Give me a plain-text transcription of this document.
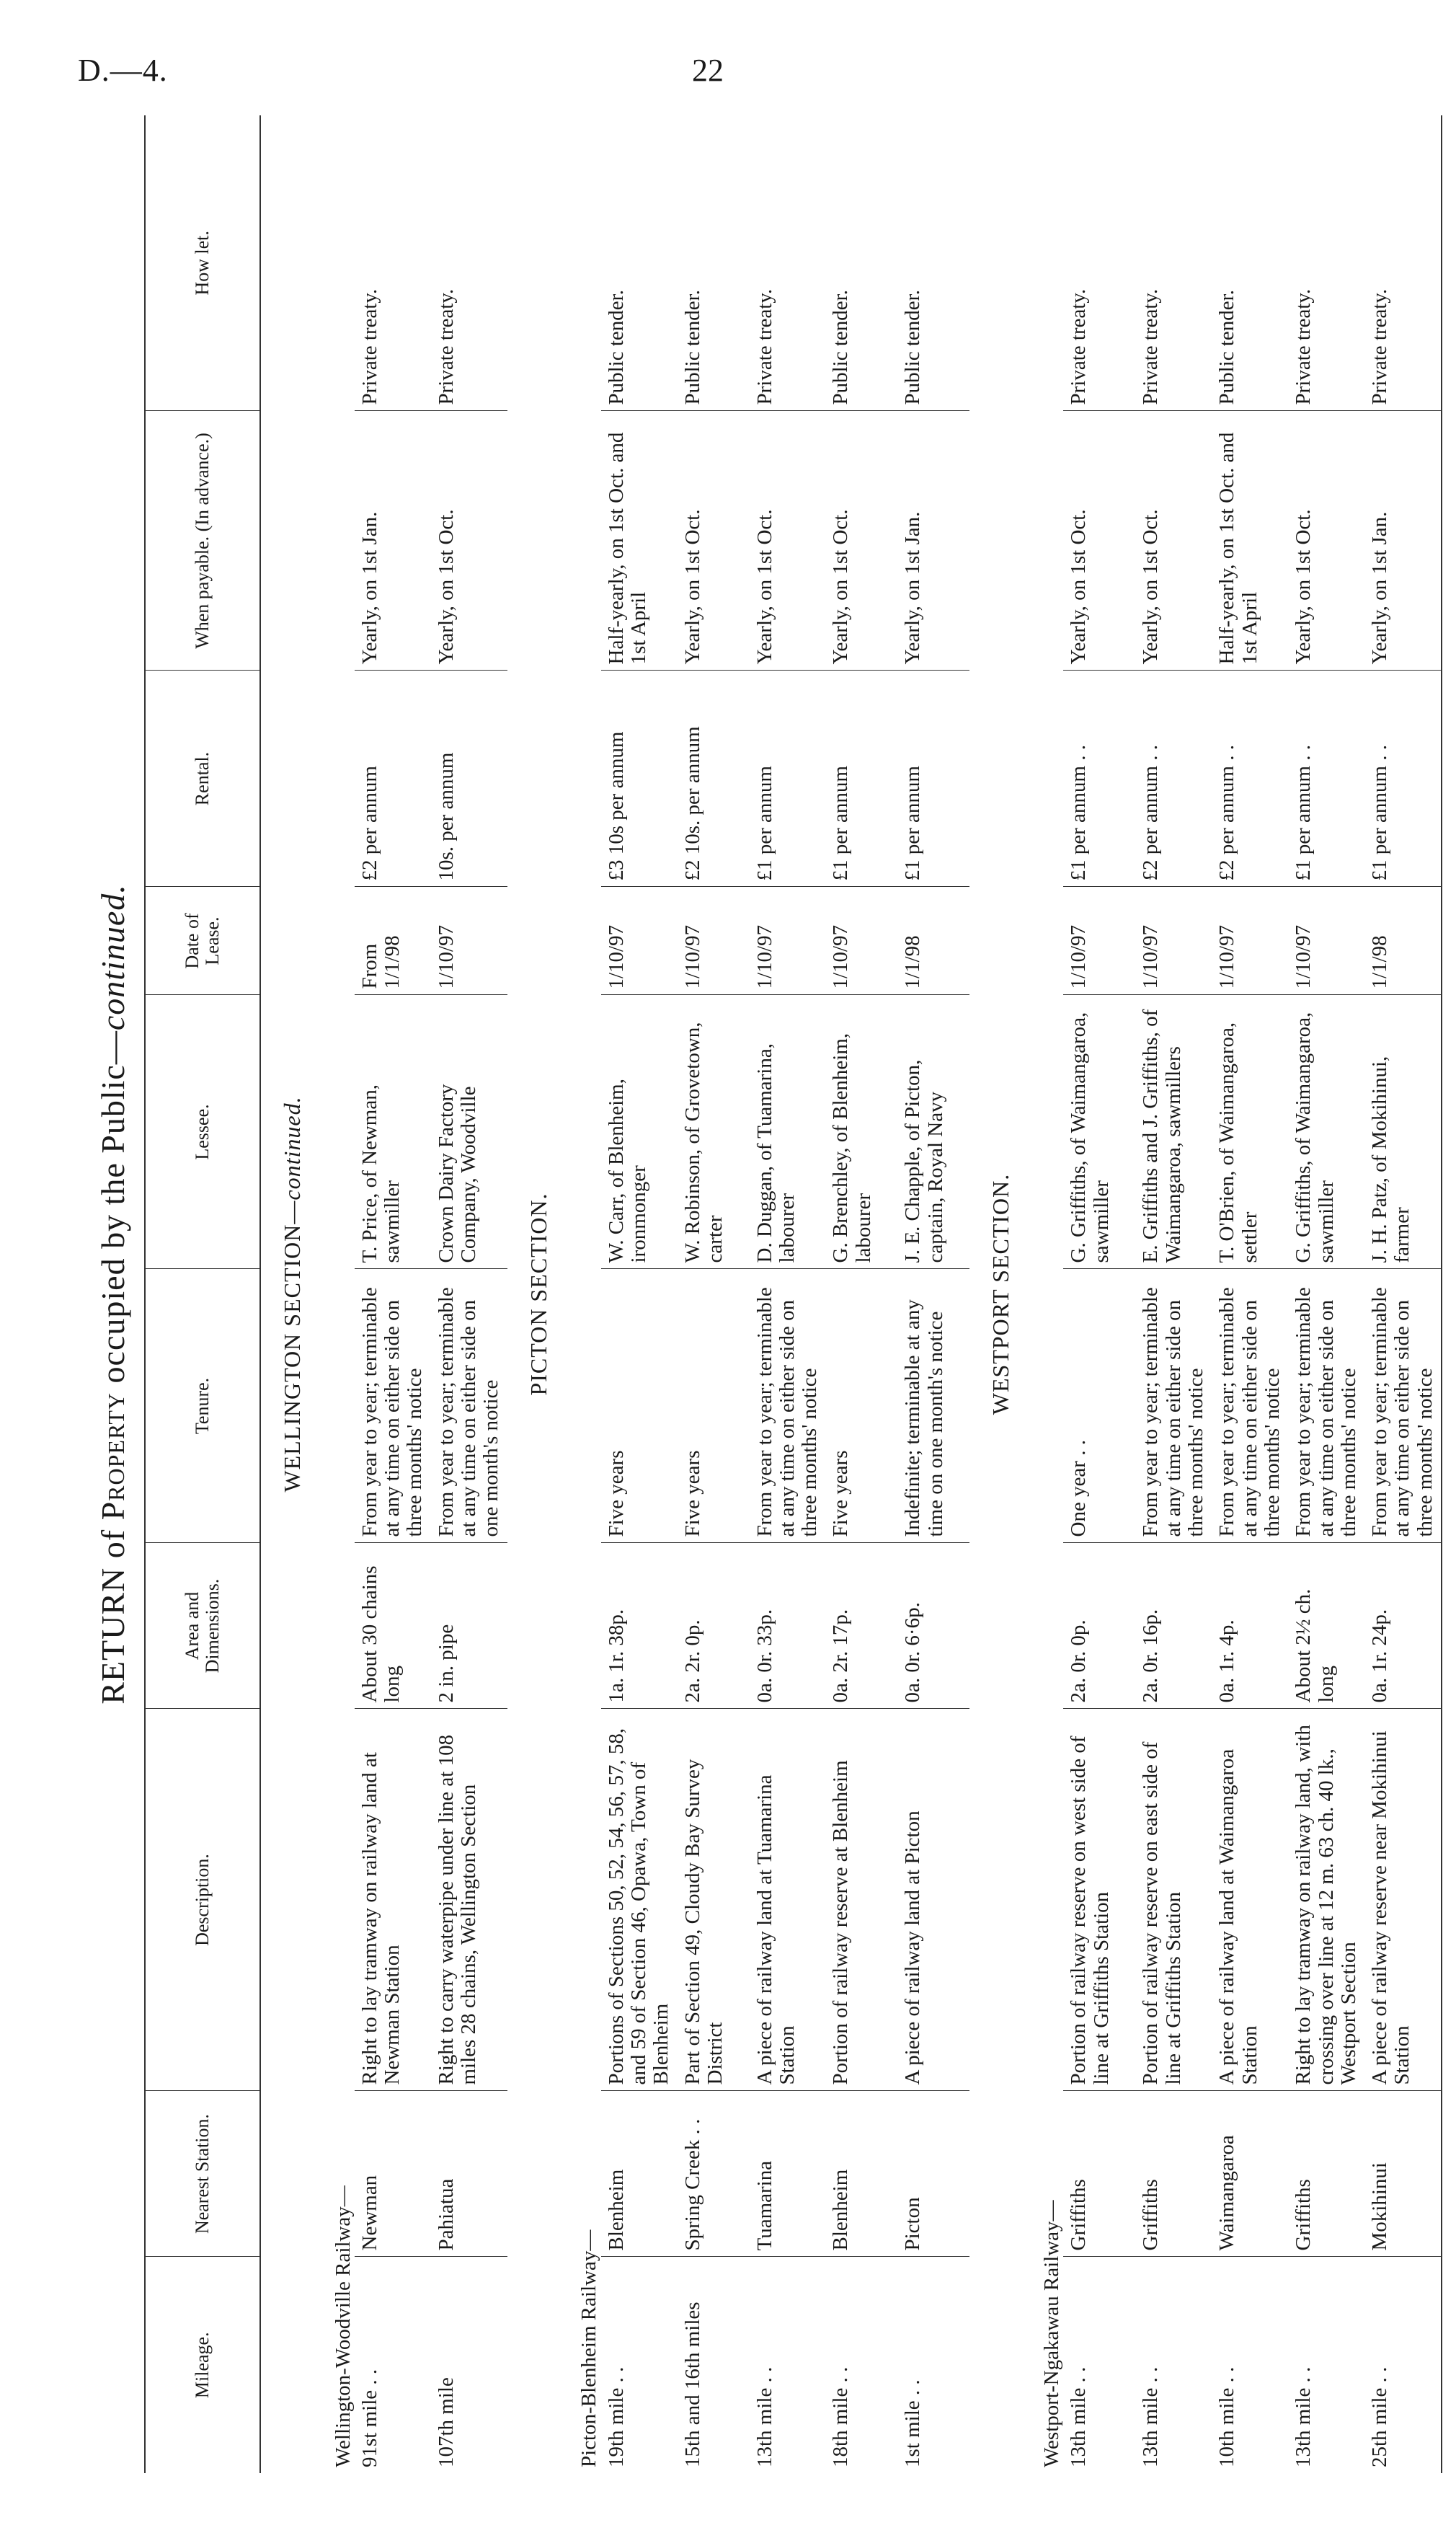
D.—4.	22
RETURN of Property occupied by the Public—continued.
Mileage.	Nearest Station.	Description.	Area and Dimensions.	Tenure.	Lessee.	Date of Lease.	Rental.	When payable. (In advance.)	How let.
WELLINGTON SECTION—continued.									
Wellington-Woodville Railway—									
91st mile . .	Newman	Right to lay tramway on railway land at Newman Station	About 30 chains long	From year to year; terminable at any time on either side on three months' notice	T. Price, of Newman, sawmiller	From 1/1/98	£2 per annum	Yearly, on 1st Jan.	Private treaty.
107th mile	Pahiatua	Right to carry waterpipe under line at 108 miles 28 chains, Wellington Section	2 in. pipe	From year to year; terminable at any time on either side on one month's notice	Crown Dairy Factory Company, Woodville	1/10/97	10s. per annum	Yearly, on 1st Oct.	Private treaty.
PICTON SECTION.									
Picton-Blenheim Railway—									
19th mile . .	Blenheim	Portions of Sections 50, 52, 54, 56, 57, 58, and 59 of Section 46, Opawa, Town of Blenheim	1a. 1r. 38p.	Five years	W. Carr, of Blenheim, ironmonger	1/10/97	£3 10s per annum	Half-yearly, on 1st Oct. and 1st April	Public tender.
15th and 16th miles	Spring Creek . .	Part of Section 49, Cloudy Bay Survey District	2a. 2r. 0p.	Five years	W. Robinson, of Grovetown, carter	1/10/97	£2 10s. per annum	Yearly, on 1st Oct.	Public tender.
13th mile . .	Tuamarina	A piece of railway land at Tuamarina Station	0a. 0r. 33p.	From year to year; terminable at any time on either side on three months' notice	D. Duggan, of Tuamarina, labourer	1/10/97	£1 per annum	Yearly, on 1st Oct.	Private treaty.
18th mile . .	Blenheim	Portion of railway reserve at Blenheim	0a. 2r. 17p.	Five years	G. Brenchley, of Blenheim, labourer	1/10/97	£1 per annum	Yearly, on 1st Oct.	Public tender.
1st mile . .	Picton	A piece of railway land at Picton	0a. 0r. 6·6p.	Indefinite; terminable at any time on one month's notice	J. E. Chapple, of Picton, captain, Royal Navy	1/1/98	£1 per annum	Yearly, on 1st Jan.	Public tender.
WESTPORT SECTION.									
Westport-Ngakawau Railway—									
13th mile . .	Griffiths	Portion of railway reserve on west side of line at Griffiths Station	2a. 0r. 0p.	One year . .	G. Griffiths, of Waimangaroa, sawmiller	1/10/97	£1 per annum . .	Yearly, on 1st Oct.	Private treaty.
13th mile . .	Griffiths	Portion of railway reserve on east side of line at Griffiths Station	2a. 0r. 16p.	From year to year; terminable at any time on either side on three months' notice	E. Griffiths and J. Griffiths, of Waimangaroa, sawmillers	1/10/97	£2 per annum . .	Yearly, on 1st Oct.	Private treaty.
10th mile . .	Waimangaroa	A piece of railway land at Waimangaroa Station	0a. 1r. 4p.	From year to year; terminable at any time on either side on three months' notice	T. O'Brien, of Waimangaroa, settler	1/10/97	£2 per annum . .	Half-yearly, on 1st Oct. and 1st April	Public tender.
13th mile . .	Griffiths	Right to lay tramway on railway land, with crossing over line at 12 m. 63 ch. 40 lk., Westport Section	About 2½ ch. long	From year to year; terminable at any time on either side on three months' notice	G. Griffiths, of Waimangaroa, sawmiller	1/10/97	£1 per annum . .	Yearly, on 1st Oct.	Private treaty.
25th mile . .	Mokihinui	A piece of railway reserve near Mokihinui Station	0a. 1r. 24p.	From year to year; terminable at any time on either side on three months' notice	J. H. Patz, of Mokihinui, farmer	1/1/98	£1 per annum . .	Yearly, on 1st Jan.	Private treaty.
